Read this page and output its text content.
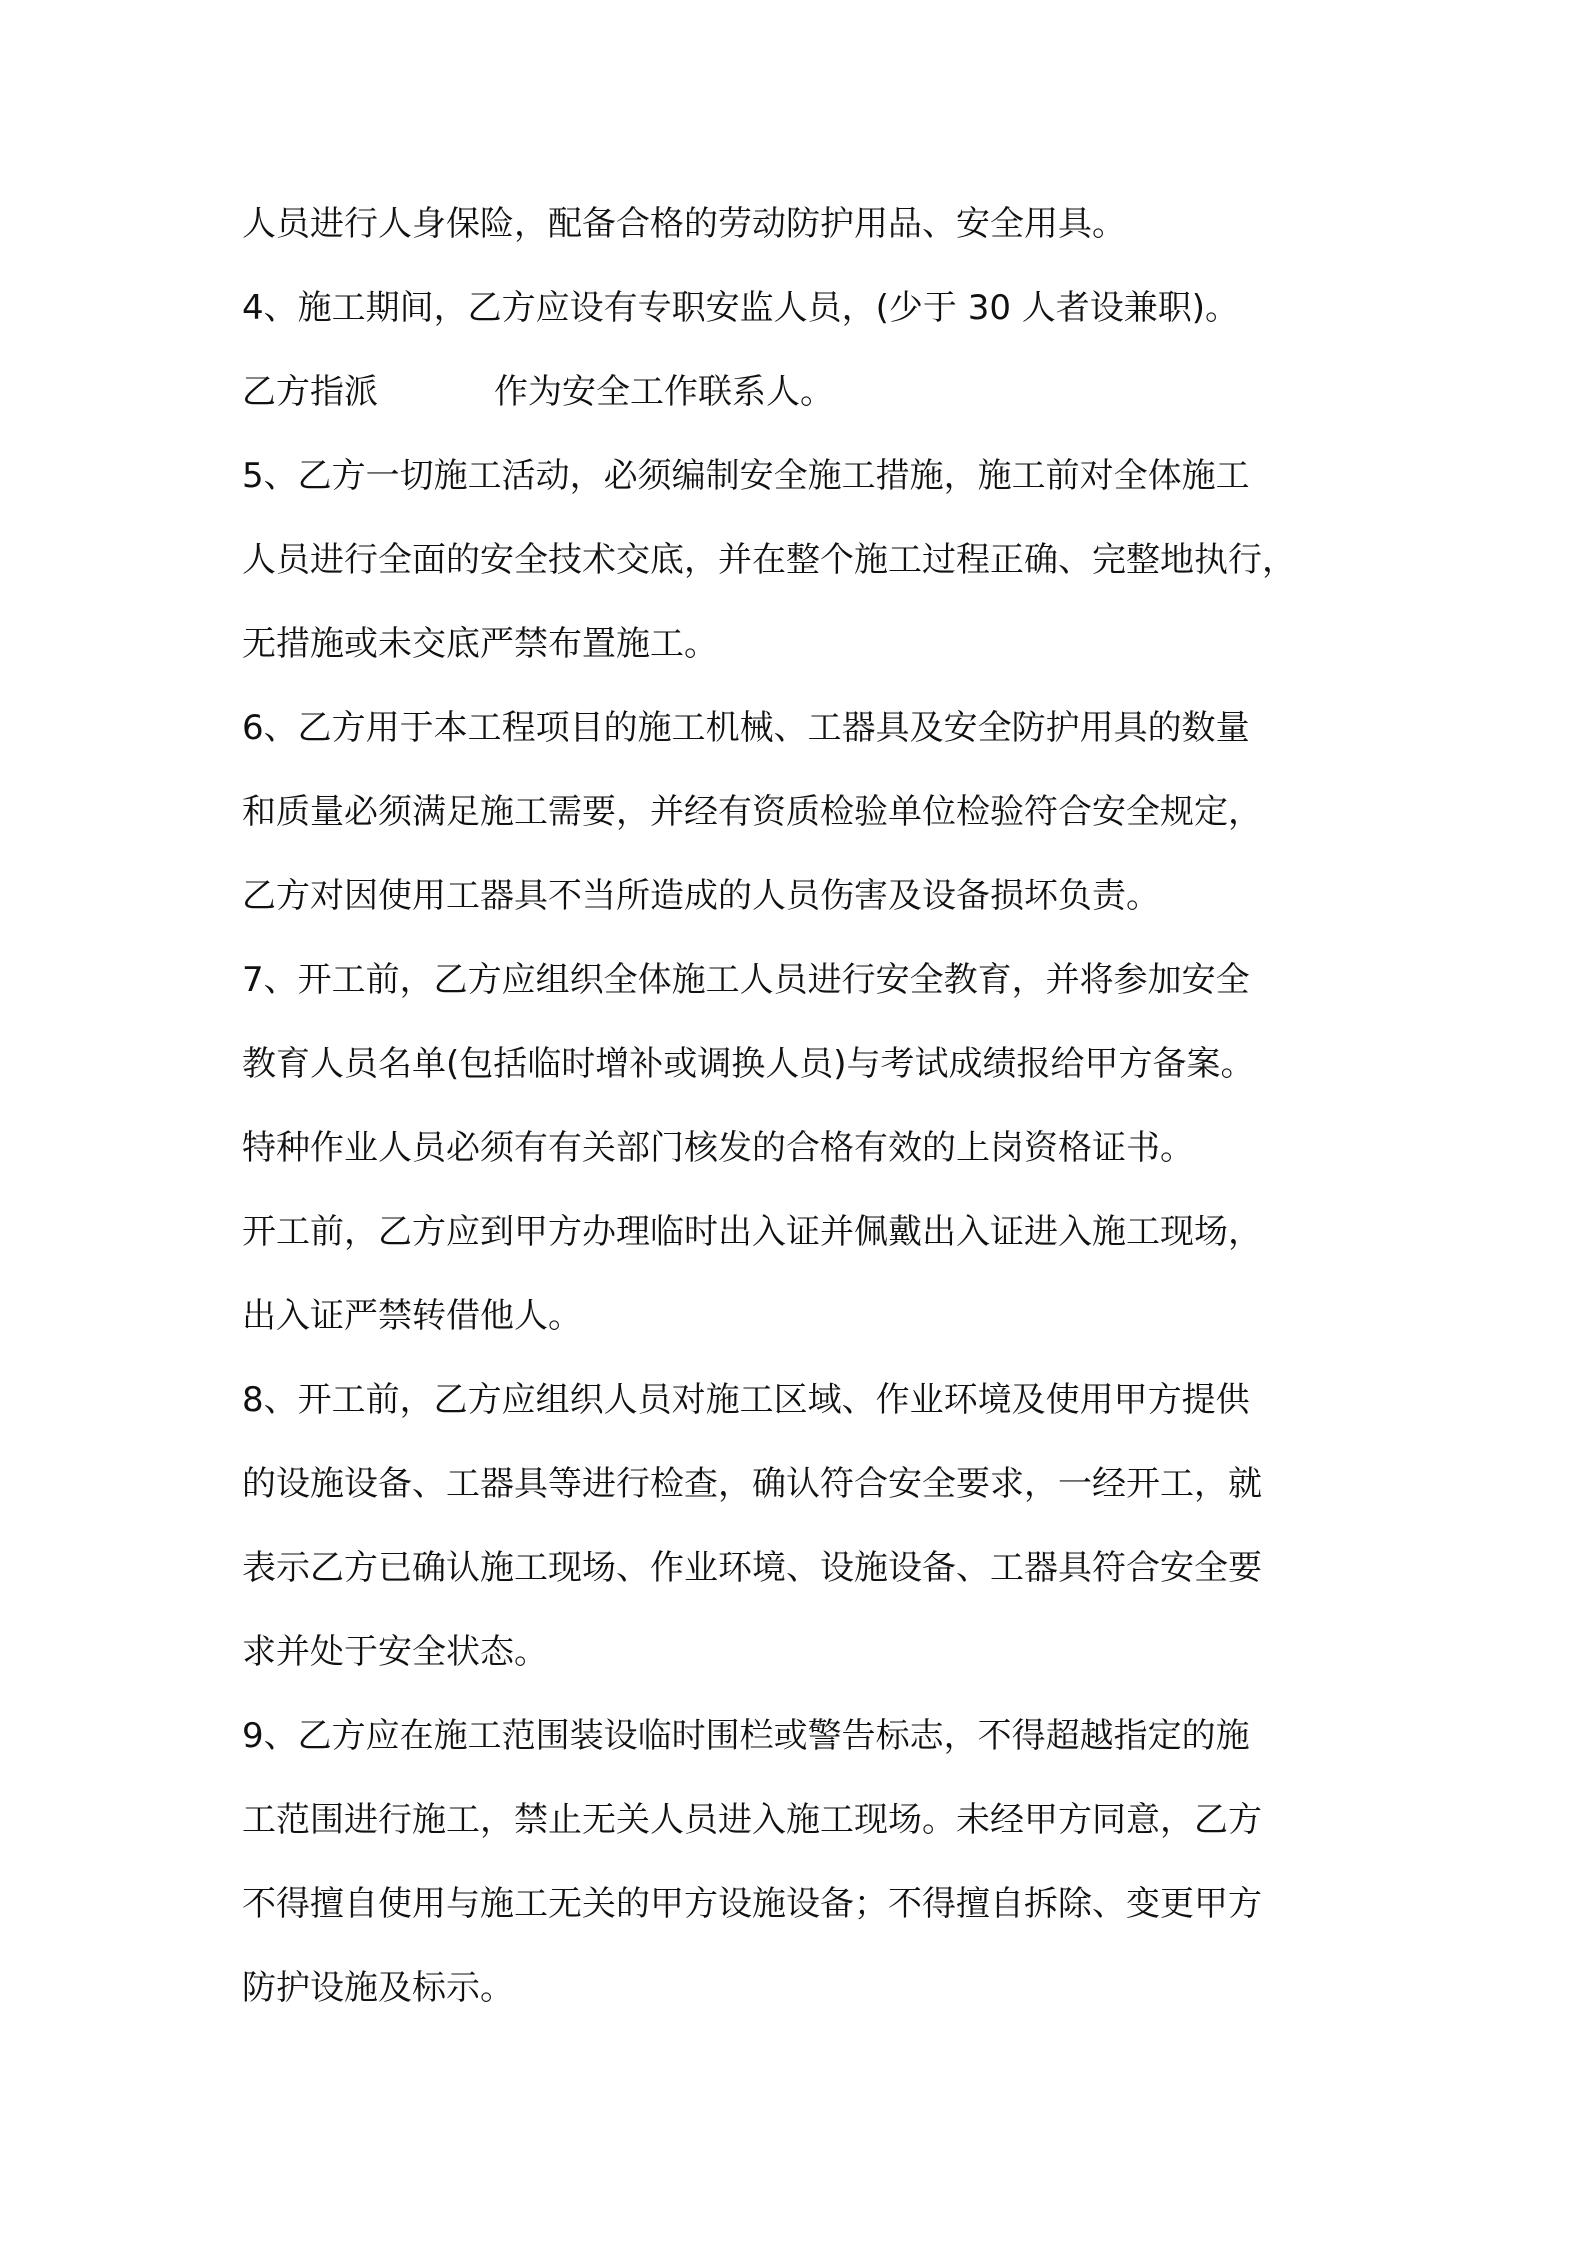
人员进行人身保险，配备合格的劳动防护用品、安全用具。
4、施工期间，乙方应设有专职安监人员，(少于 30 人者设兼职)。
乙方指派	作为安全工作联系人。
5、乙方一切施工活动，必须编制安全施工措施，施工前对全体施工
人员进行全面的安全技术交底，并在整个施工过程正确、完整地执行，
无措施或未交底严禁布置施工。
6、乙方用于本工程项目的施工机械、工器具及安全防护用具的数量
和质量必须满足施工需要，并经有资质检验单位检验符合安全规定，
乙方对因使用工器具不当所造成的人员伤害及设备损坏负责。
7、开工前，乙方应组织全体施工人员进行安全教育，并将参加安全
教育人员名单(包括临时增补或调换人员)与考试成绩报给甲方备案。
特种作业人员必须有有关部门核发的合格有效的上岗资格证书。
开工前，乙方应到甲方办理临时出入证并佩戴出入证进入施工现场，
出入证严禁转借他人。
8、开工前，乙方应组织人员对施工区域、作业环境及使用甲方提供
的设施设备、工器具等进行检查，确认符合安全要求，一经开工，就
表示乙方已确认施工现场、作业环境、设施设备、工器具符合安全要
求并处于安全状态。
9、乙方应在施工范围装设临时围栏或警告标志，不得超越指定的施
工范围进行施工，禁止无关人员进入施工现场。未经甲方同意，乙方
不得擅自使用与施工无关的甲方设施设备；不得擅自拆除、变更甲方
防护设施及标示。
